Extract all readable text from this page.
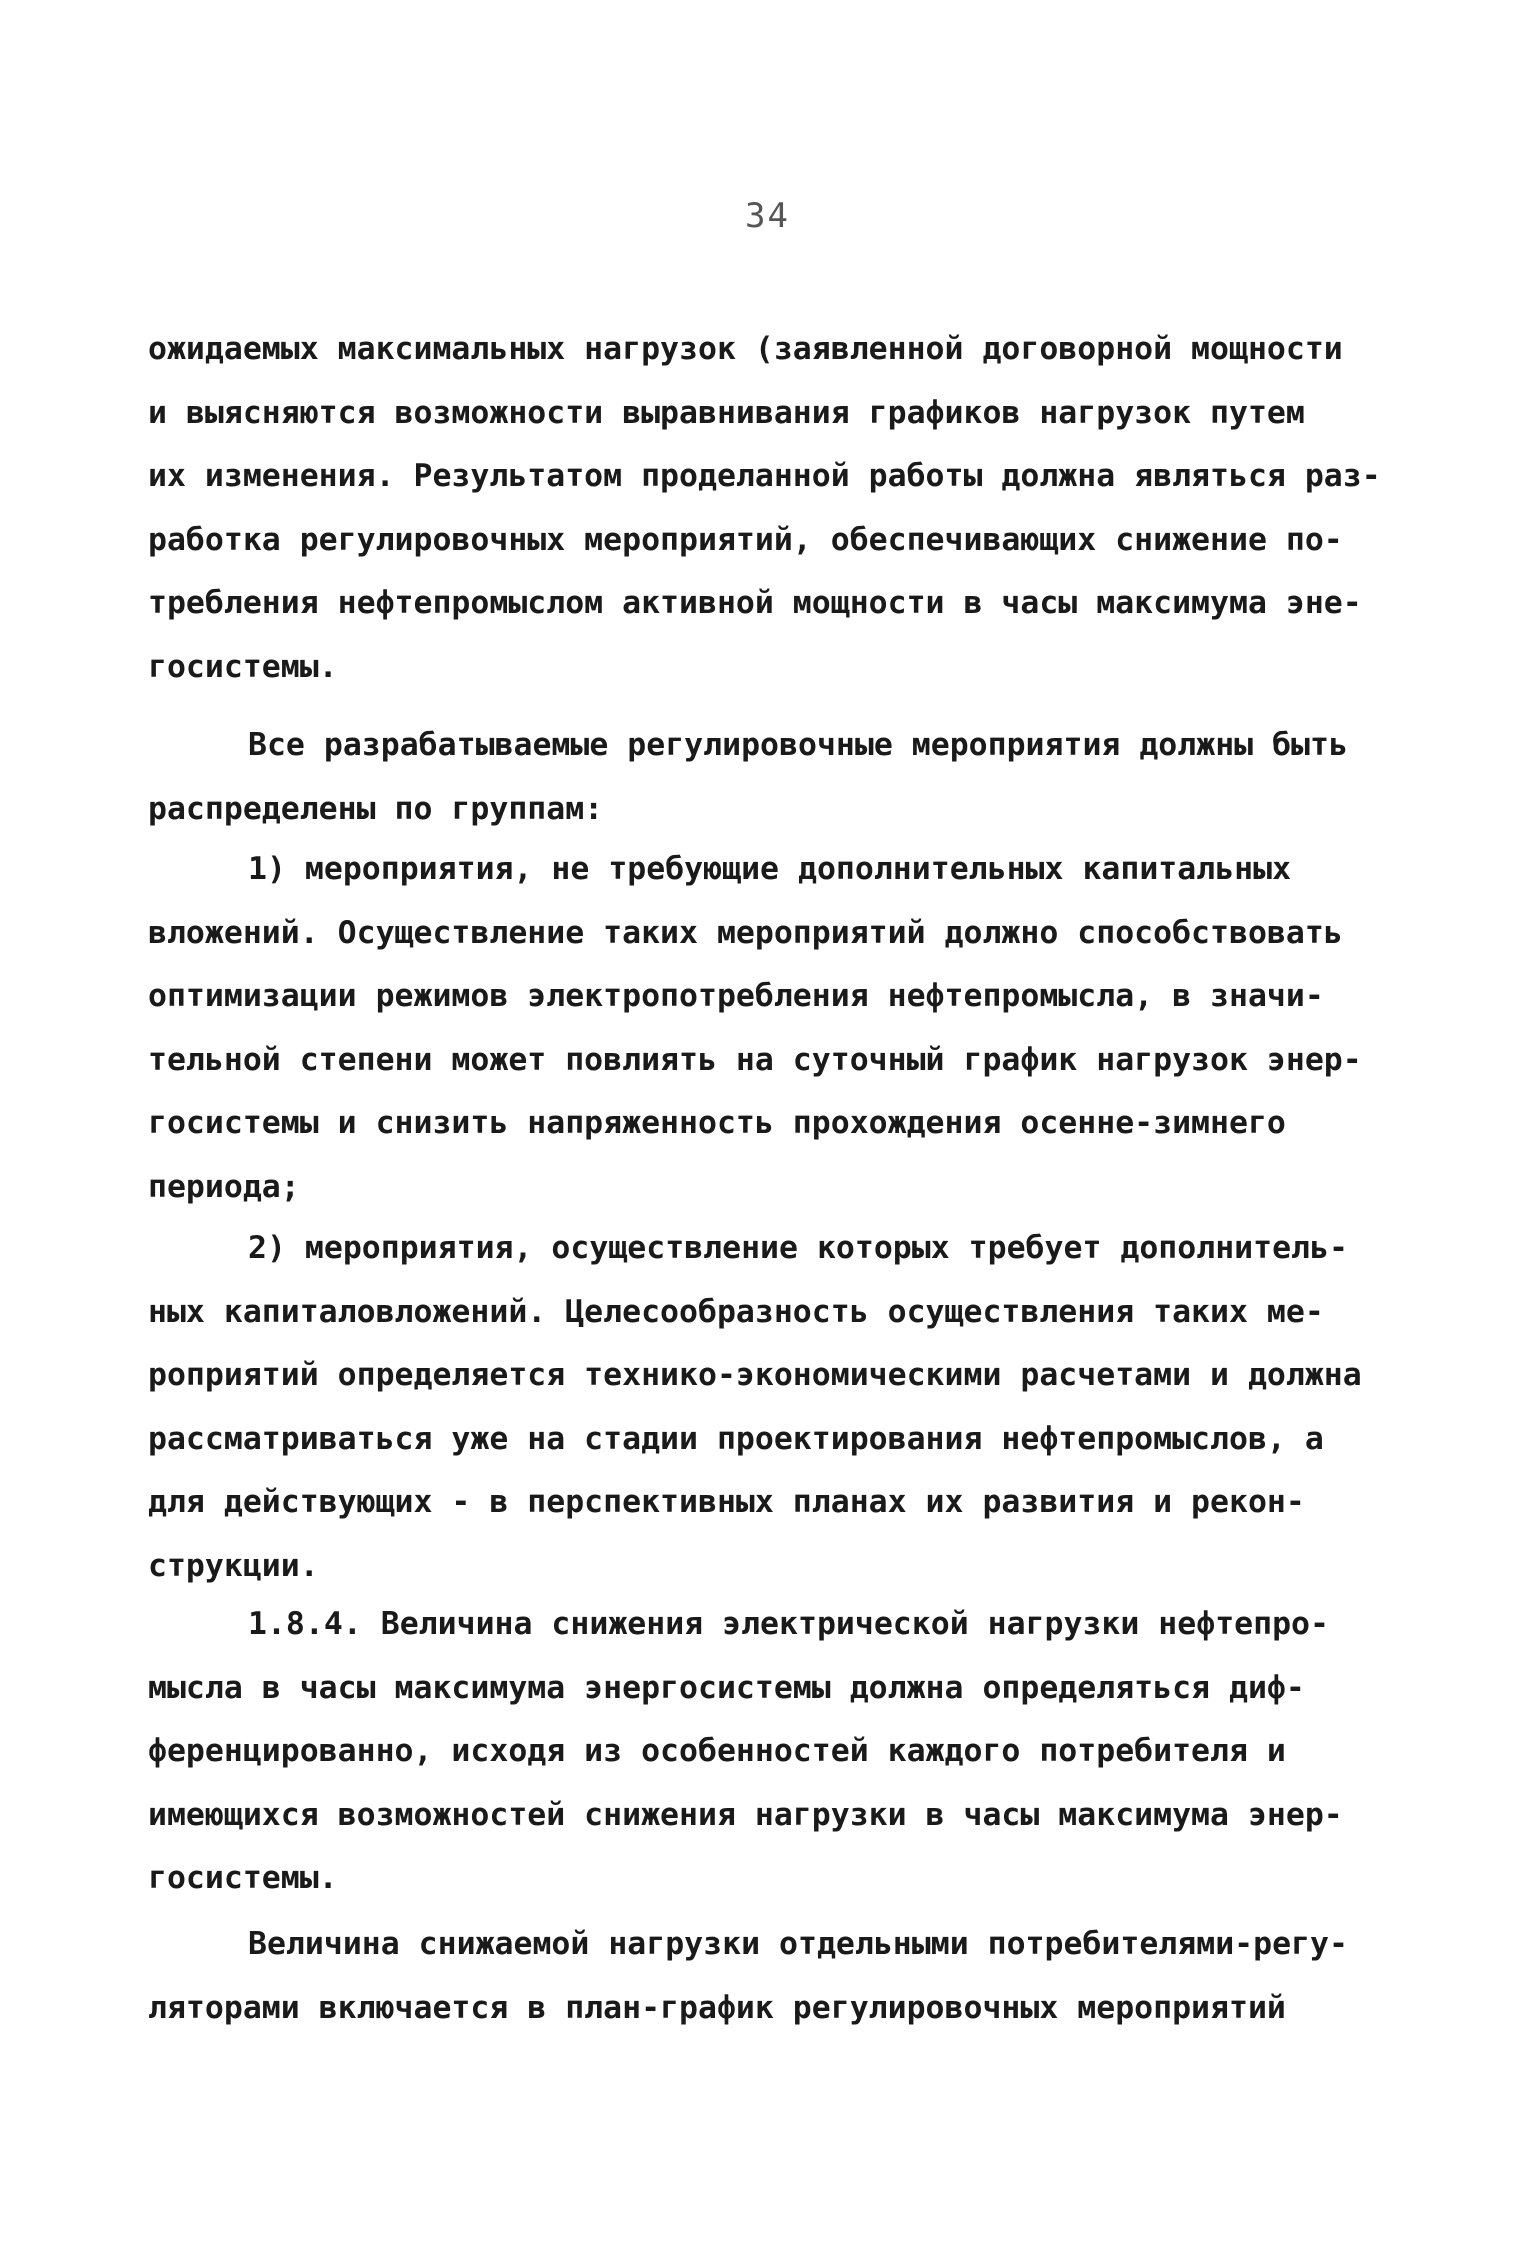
34
ожидаемых максимальных нагрузок (заявленной договорной мощности
и выясняются возможности выравнивания графиков нагрузок путем
их изменения. Результатом проделанной работы должна являться раз-
работка регулировочных мероприятий, обеспечивающих снижение по-
требления нефтепромыслом активной мощности в часы максимума эне-
госистемы.
Все разрабатываемые регулировочные мероприятия должны быть
распределены по группам:
1) мероприятия, не требующие дополнительных капитальных
вложений. Осуществление таких мероприятий должно способствовать
оптимизации режимов электропотребления нефтепромысла, в значи-
тельной степени может повлиять на суточный график нагрузок энер-
госистемы и снизить напряженность прохождения осенне-зимнего
периода;
2) мероприятия, осуществление которых требует дополнитель-
ных капиталовложений. Целесообразность осуществления таких ме-
роприятий определяется технико-экономическими расчетами и должна
рассматриваться уже на стадии проектирования нефтепромыслов, а
для действующих - в перспективных планах их развития и рекон-
струкции.
1.8.4. Величина снижения электрической нагрузки нефтепро-
мысла в часы максимума энергосистемы должна определяться диф-
ференцированно, исходя из особенностей каждого потребителя и
имеющихся возможностей снижения нагрузки в часы максимума энер-
госистемы.
Величина снижаемой нагрузки отдельными потребителями-регу-
ляторами включается в план-график регулировочных мероприятий
